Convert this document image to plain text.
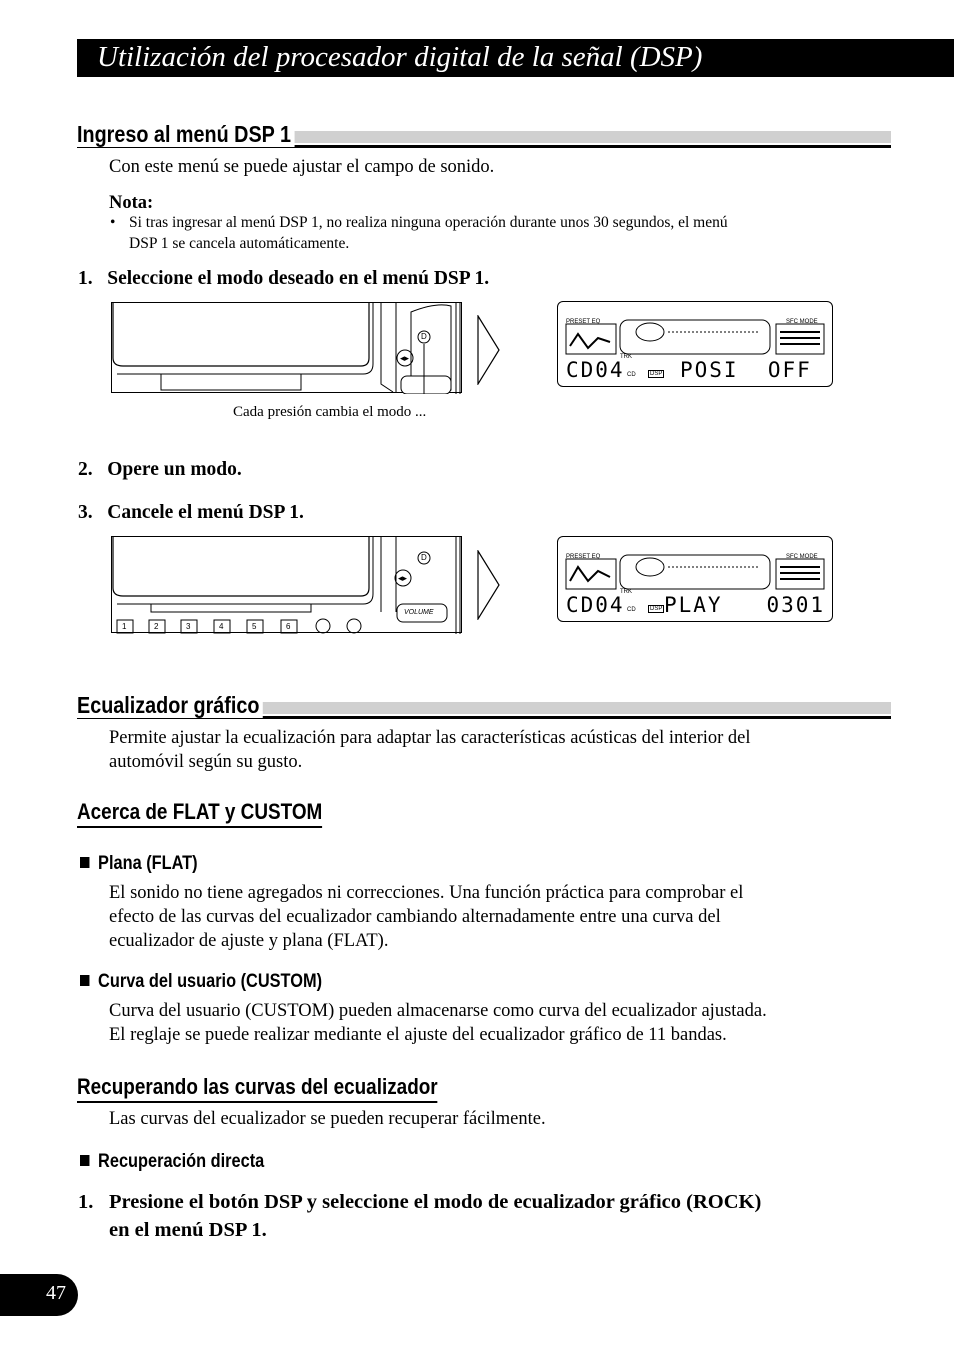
Utilización del procesador digital de la señal (DSP)
Ingreso al menú DSP 1
Con este menú se puede ajustar el campo de sonido.
Nota:
• Si tras ingresar al menú DSP 1, no realiza ninguna operación durante unos 30 segundos, el menú
DSP 1 se cancela automáticamente.
1.   Seleccione el modo deseado en el menú DSP 1.
◂▸
D
Cada presión cambia el modo ...
PRESET EQ	SFC MODE
TRK
CD	DSP
CD04	POSI  OFF
2.   Opere un modo.
3.   Cancele el menú DSP 1.
◂▸
D
VOLUME
1	2	3	4	5	6
PRESET EQ	SFC MODE
TRK
CD	DSP
CD04 PLAY   0301
Ecualizador gráfico
Permite ajustar la ecualización para adaptar las características acústicas del interior del
automóvil según su gusto.
Acerca de FLAT y CUSTOM
Plana (FLAT)
El sonido no tiene agregados ni correcciones. Una función práctica para comprobar el
efecto de las curvas del ecualizador cambiando alternadamente entre una curva del
ecualizador de ajuste y plana (FLAT).
Curva del usuario (CUSTOM)
Curva del usuario (CUSTOM) pueden almacenarse como curva del ecualizador ajustada.
El reglaje se puede realizar mediante el ajuste del ecualizador gráfico de 11 bandas.
Recuperando las curvas del ecualizador
Las curvas del ecualizador se pueden recuperar fácilmente.
Recuperación directa
1. Presione el botón DSP y seleccione el modo de ecualizador gráfico (ROCK)
en el menú DSP 1.
47
